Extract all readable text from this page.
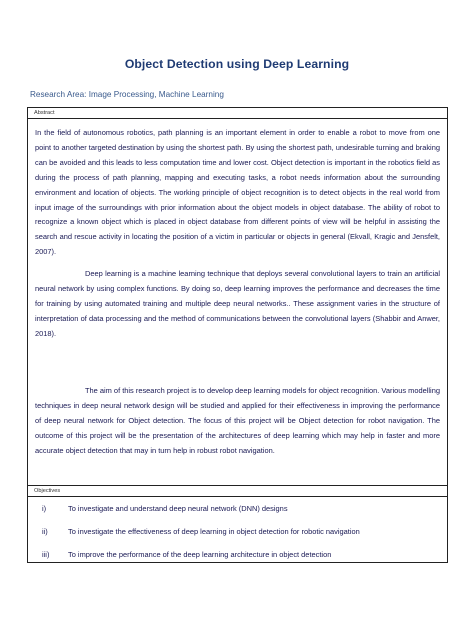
Object Detection using Deep Learning
Research Area: Image Processing, Machine Learning
Abstract

In the field of autonomous robotics, path planning is an important element in order to enable a robot to move from one point to another targeted destination by using the shortest path. By using the shortest path, undesirable turning and braking can be avoided and this leads to less computation time and lower cost. Object detection is important in the robotics field as during the process of path planning, mapping and executing tasks, a robot needs information about the surrounding environment and location of objects. The working principle of object recognition is to detect objects in the real world from input image of the surroundings with prior information about the object models in object database. The ability of robot to recognize a known object which is placed in object database from different points of view will be helpful in assisting the search and rescue activity in locating the position of a victim in particular or objects in general (Ekvall, Kragic and Jensfelt, 2007).

Deep learning is a machine learning technique that deploys several convolutional layers to train an artificial neural network by using complex functions. By doing so, deep learning improves the performance and decreases the time for training by using automated training and multiple deep neural networks.. These assignment varies in the structure of interpretation of data processing and the method of communications between the convolutional layers (Shabbir and Anwer, 2018).

The aim of this research project is to develop deep learning models for object recognition. Various modelling techniques in deep neural network design will be studied and applied for their effectiveness in improving the performance of deep neural network for Object detection. The focus of this project will be Object detection for robot navigation. The outcome of this project will be the presentation of the architectures of deep learning which may help in faster and more accurate object detection that may in turn help in robust robot navigation.

Objectives
i)	To investigate and understand deep neural network (DNN) designs
ii)	To investigate the effectiveness of deep learning in object detection for robotic navigation
iii) To improve the performance of the deep learning architecture in object detection
